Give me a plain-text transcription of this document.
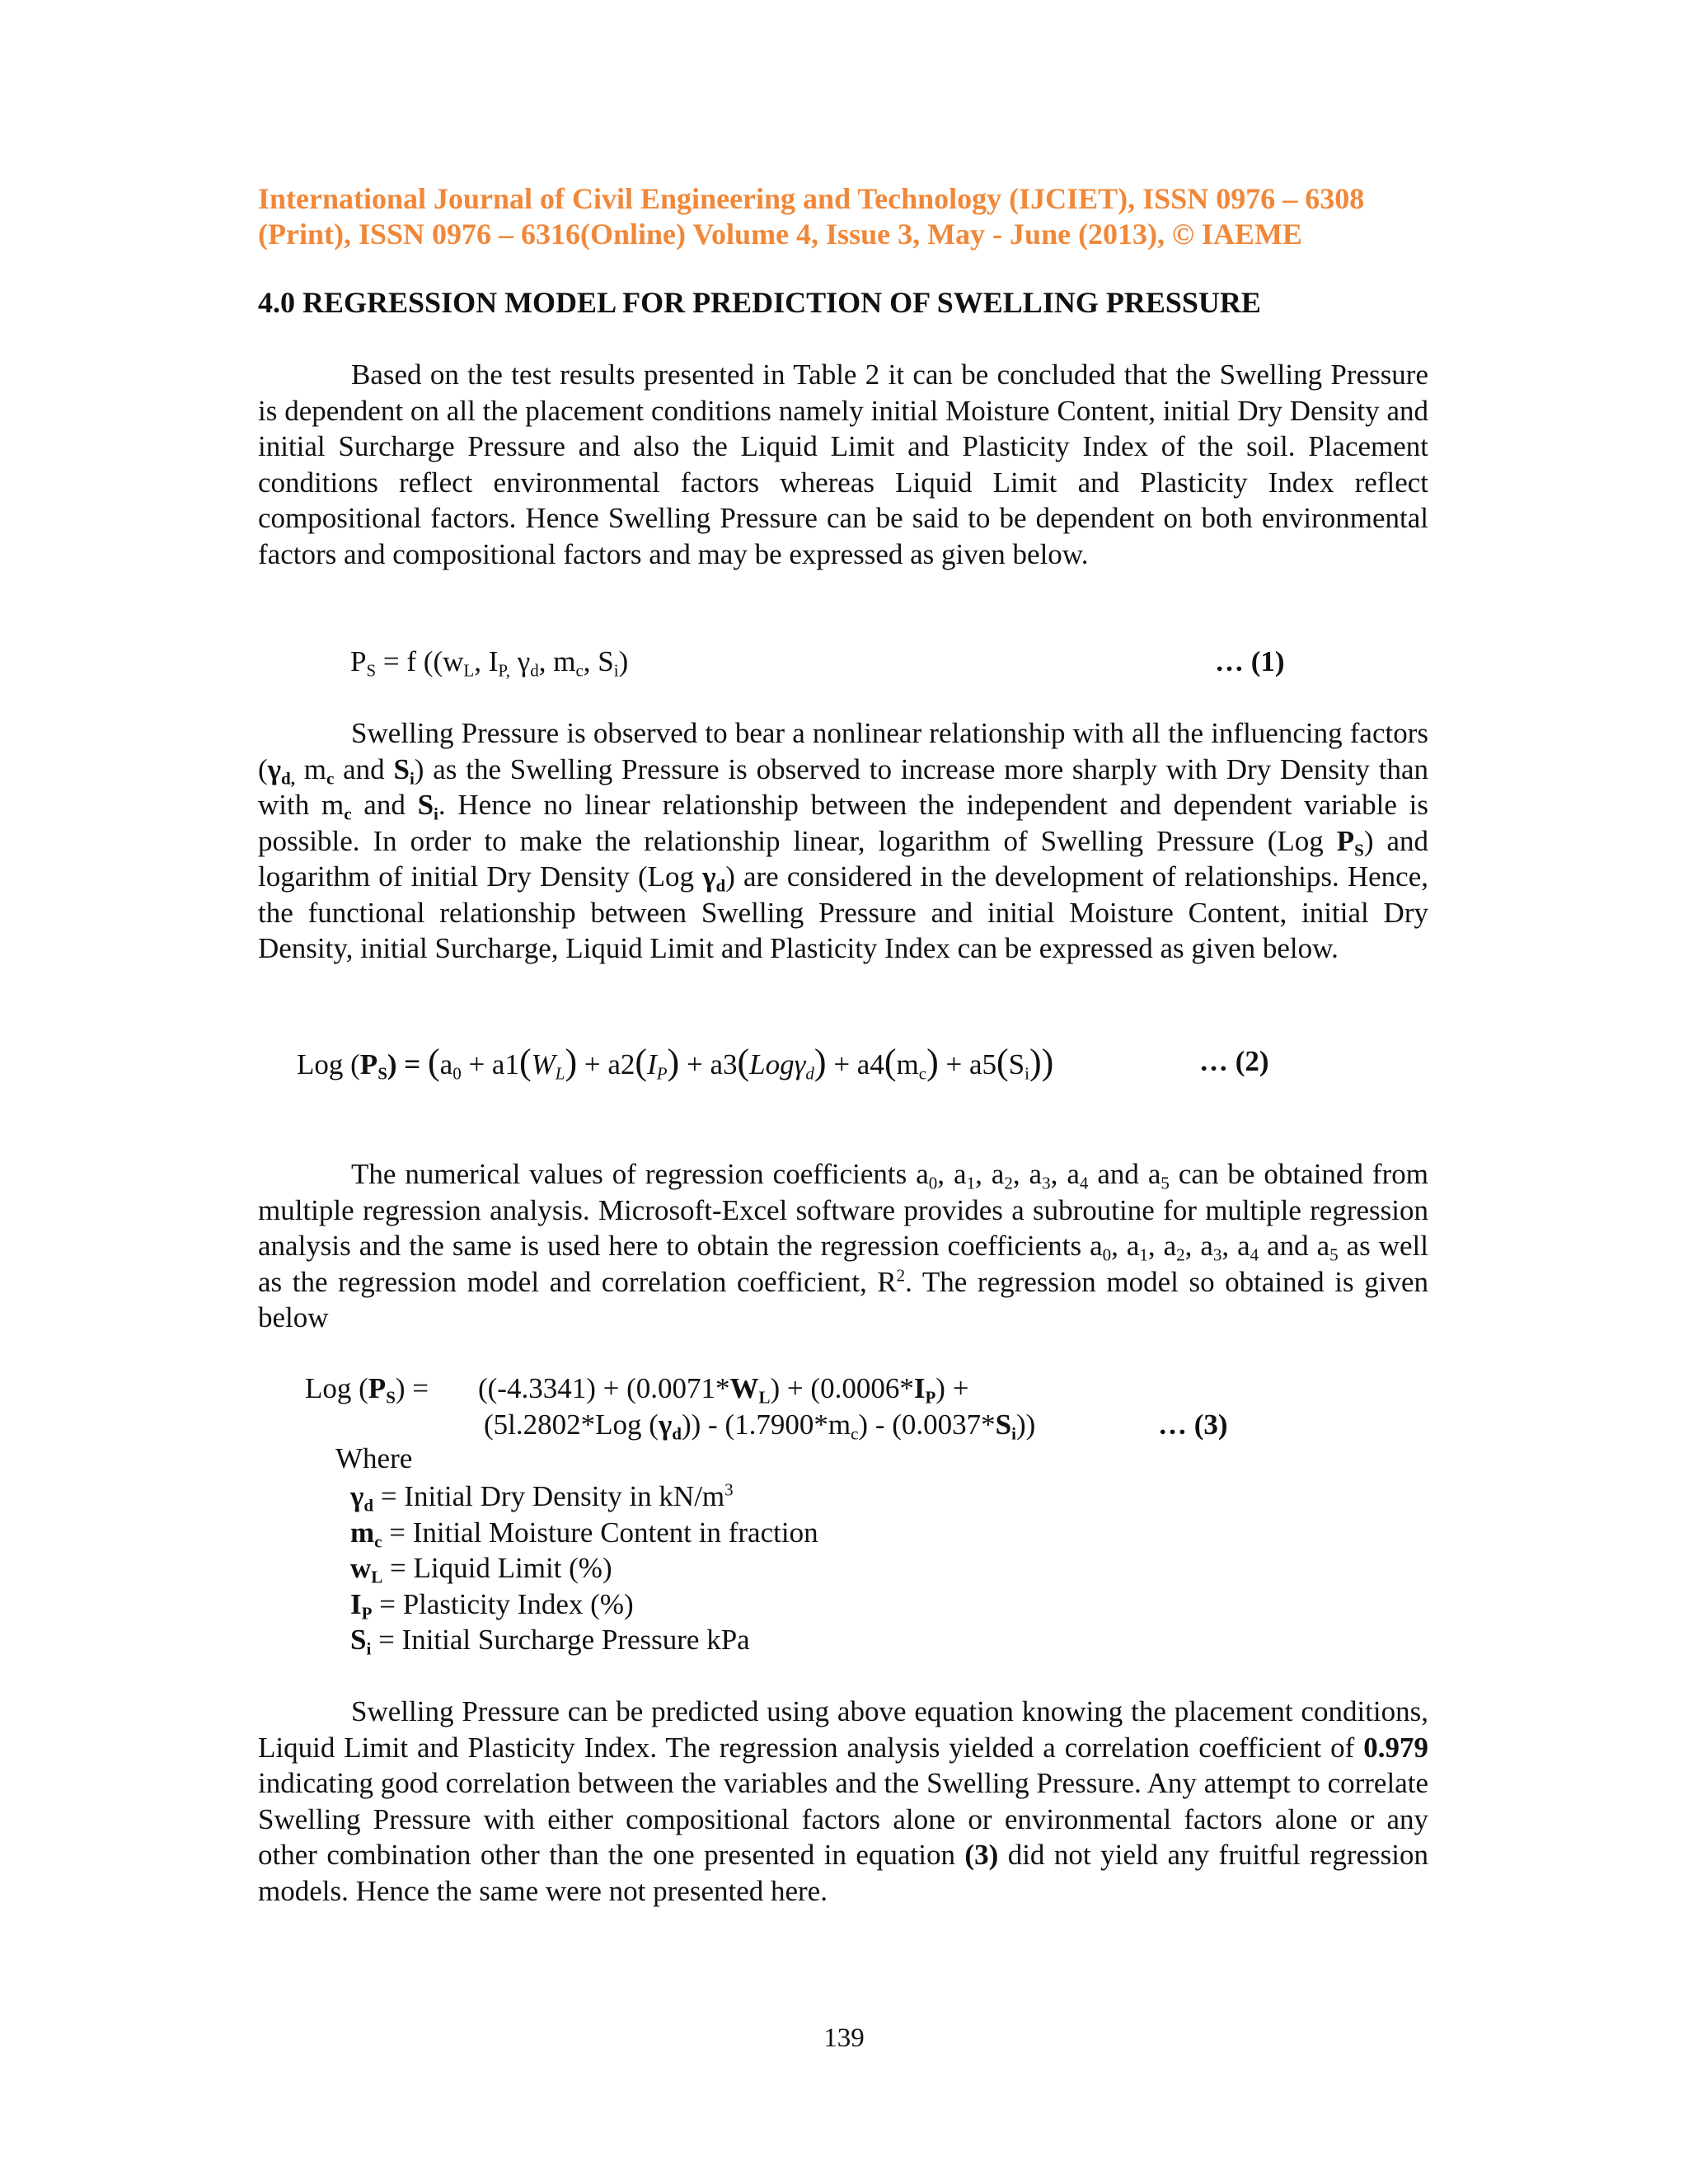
International Journal of Civil Engineering and Technology (IJCIET), ISSN 0976 – 6308
(Print), ISSN 0976 – 6316(Online) Volume 4, Issue 3, May - June (2013), © IAEME
4.0 REGRESSION MODEL FOR PREDICTION OF SWELLING PRESSURE

Based on the test results presented in Table 2 it can be concluded that the Swelling Pressure is dependent on all the placement conditions namely initial Moisture Content, initial Dry Density and initial Surcharge Pressure and also the Liquid Limit and Plasticity Index of the soil. Placement conditions reflect environmental factors whereas Liquid Limit and Plasticity Index reflect compositional factors. Hence Swelling Pressure can be said to be dependent on both environmental factors and compositional factors and may be expressed as given below.

$P_S = f$ (($w_L$, $I_{P,}$ $\gamma_d$, $m_c$, $S_i$)	… (1)

Swelling Pressure is observed to bear a nonlinear relationship with all the influencing factors ($\gamma_{d,}$ $m_c$ and $S_i$) as the Swelling Pressure is observed to increase more sharply with Dry Density than with $m_c$ and $S_i$. Hence no linear relationship between the independent and dependent variable is possible. In order to make the relationship linear, logarithm of Swelling Pressure (Log $P_S$) and logarithm of initial Dry Density (Log $\gamma_d$) are considered in the development of relationships. Hence, the functional relationship between Swelling Pressure and initial Moisture Content, initial Dry Density, initial Surcharge, Liquid Limit and Plasticity Index can be expressed as given below.

Log $(P_S) = (a_0 + a1(W_L) + a2(I_P) + a3(Log\gamma_d) + a4(m_c) + a5(S_i))$	… (2)

The numerical values of regression coefficients $a_0$, $a_1$, $a_2$, $a_3$, $a_4$ and $a_5$ can be obtained from multiple regression analysis. Microsoft-Excel software provides a subroutine for multiple regression analysis and the same is used here to obtain the regression coefficients $a_0$, $a_1$, $a_2$, $a_3$, $a_4$ and $a_5$ as well as the regression model and correlation coefficient, $R^2$. The regression model so obtained is given below

Log $(P_S) = ((-4.3341) + (0.0071*W_L) + (0.0006*I_P)$ +
(5l.2802*Log $(\gamma_d)) - (1.7900*m_c) - (0.0037*S_i)$)	… (3)
Where
$\gamma_d$ = Initial Dry Density in $kN/m^3$
$m_c$ = Initial Moisture Content in fraction
$w_L$ = Liquid Limit (%)
$I_P$ = Plasticity Index (%)
$S_i$ = Initial Surcharge Pressure kPa

Swelling Pressure can be predicted using above equation knowing the placement conditions, Liquid Limit and Plasticity Index. The regression analysis yielded a correlation coefficient of 0.979 indicating good correlation between the variables and the Swelling Pressure. Any attempt to correlate Swelling Pressure with either compositional factors alone or environmental factors alone or any other combination other than the one presented in equation (3) did not yield any fruitful regression models. Hence the same were not presented here.

139
